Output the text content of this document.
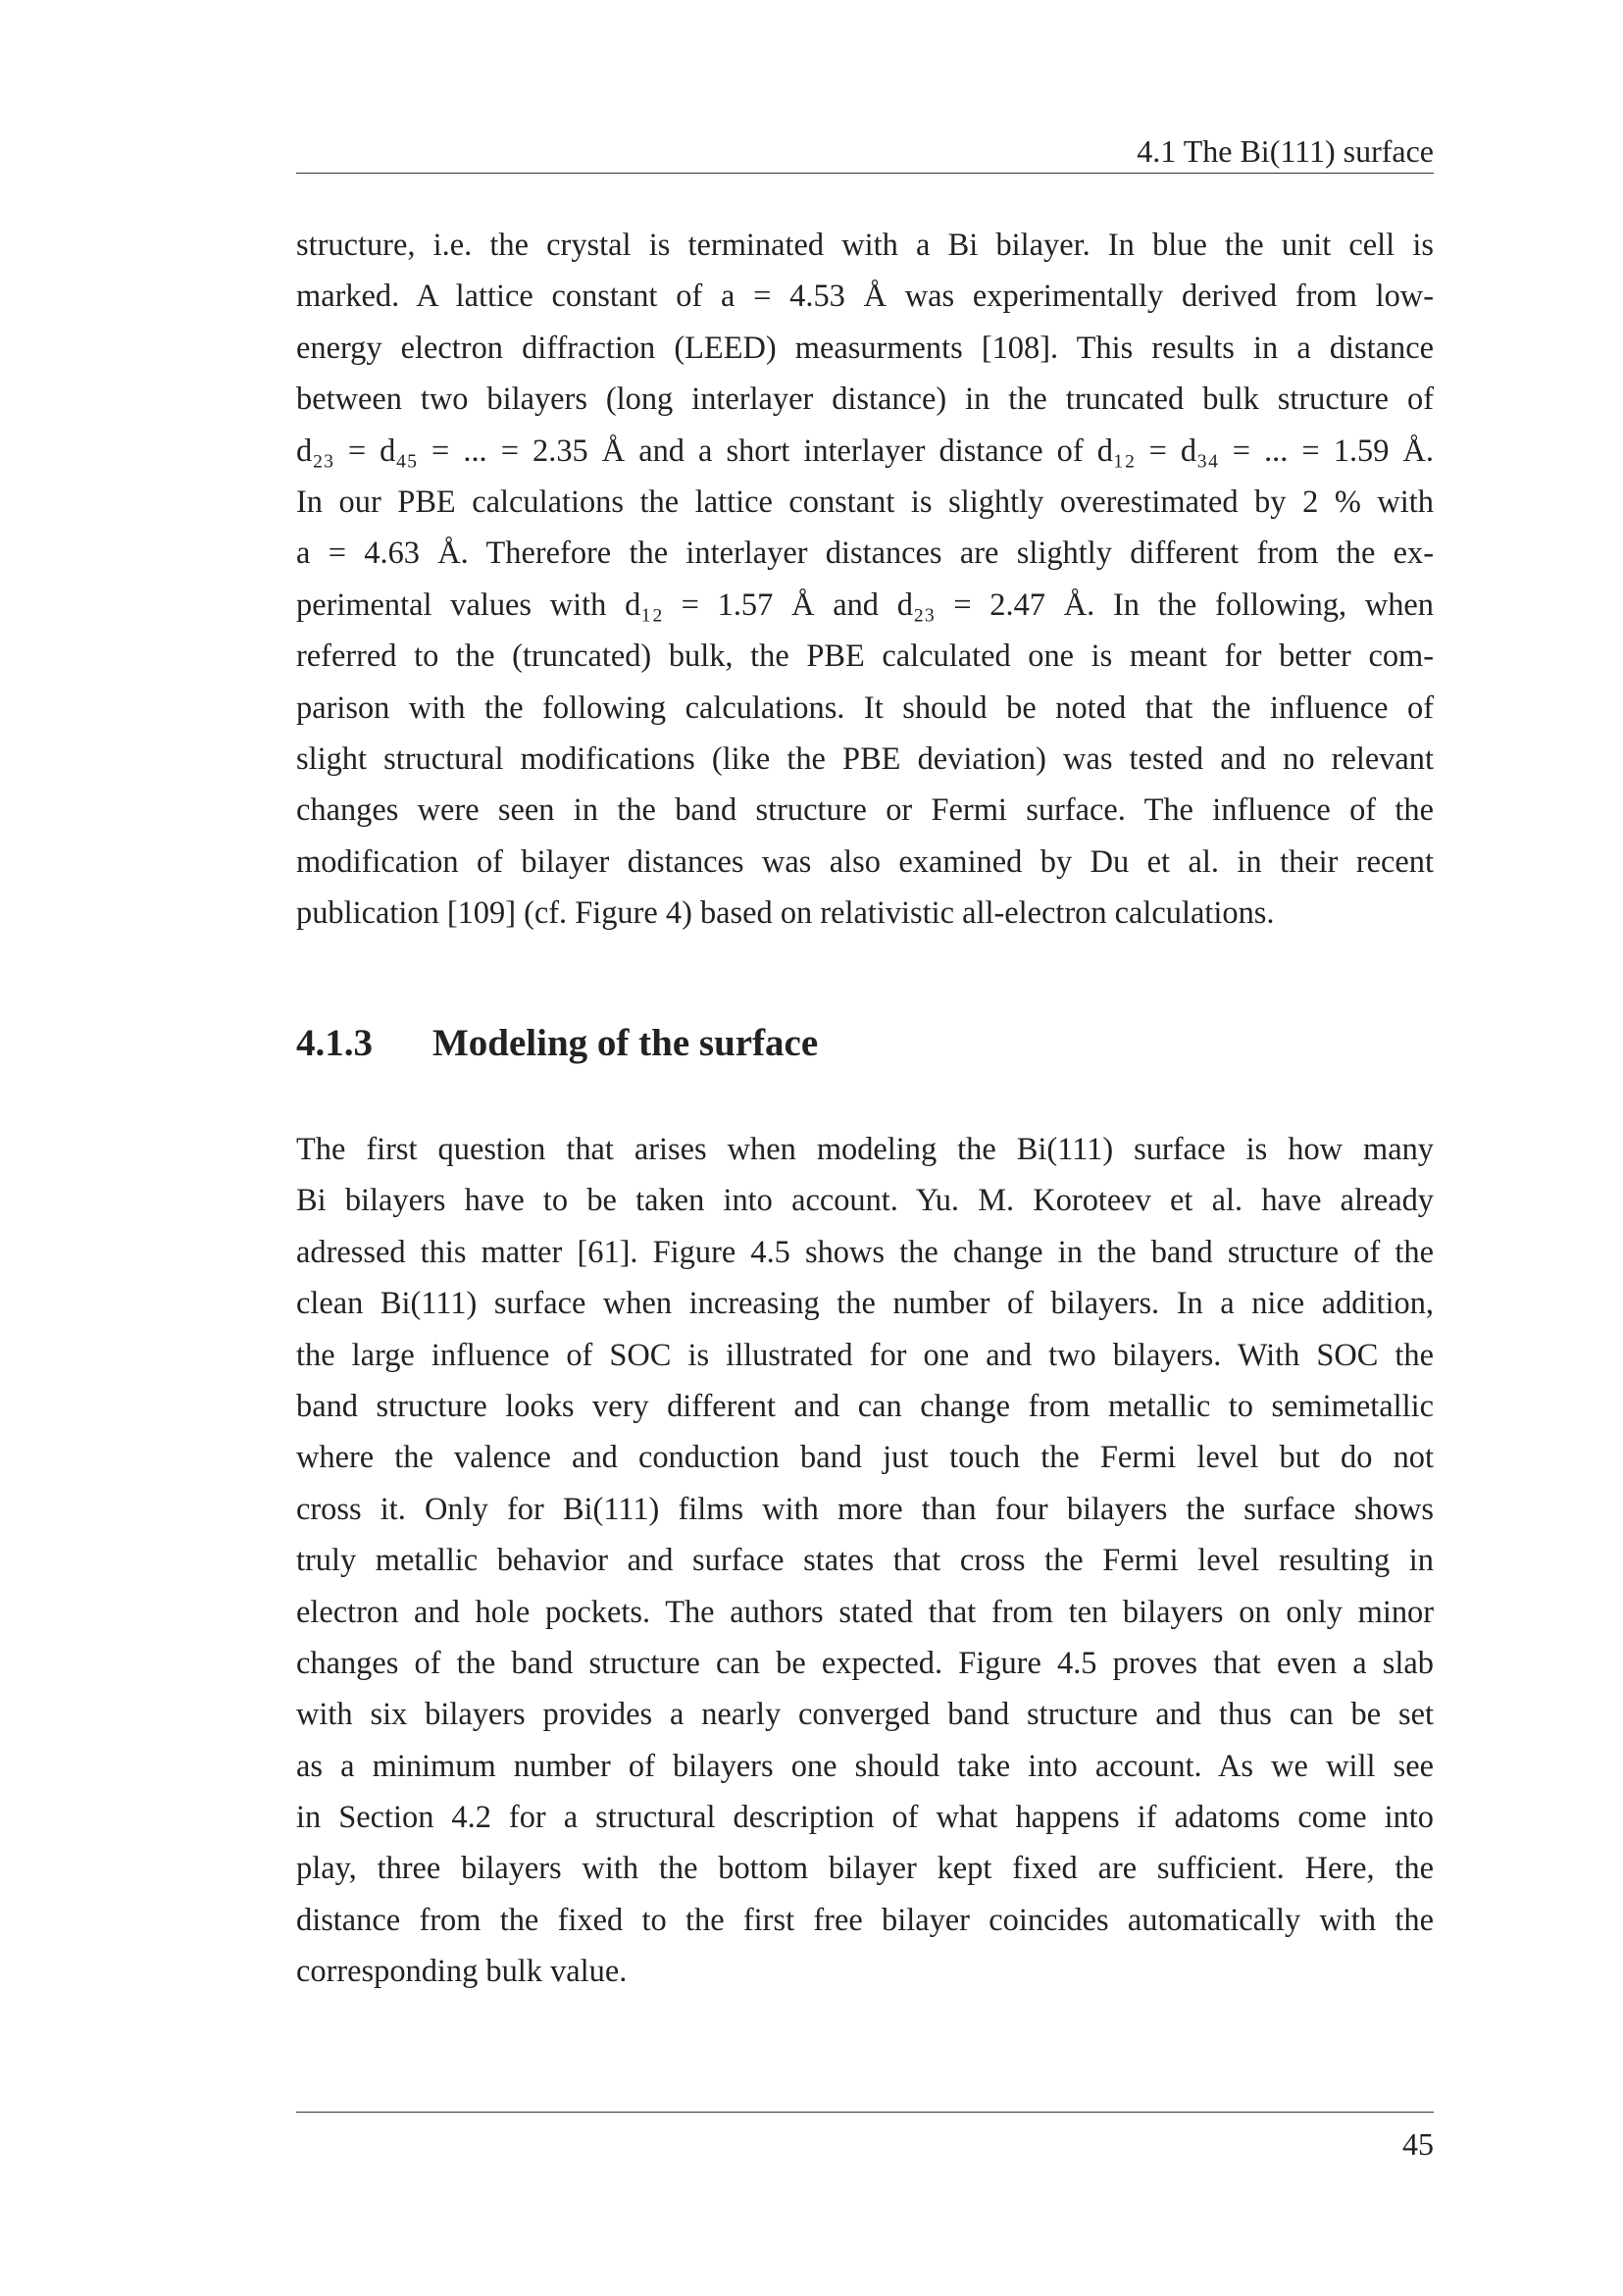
4.1 The Bi(111) surface
structure, i.e. the crystal is terminated with a Bi bilayer. In blue the unit cell is
marked. A lattice constant of a = 4.53 Å was experimentally derived from low-
energy electron diffraction (LEED) measurments [108]. This results in a distance
between two bilayers (long interlayer distance) in the truncated bulk structure of
d₂₃ = d₄₅ = ... = 2.35 Å and a short interlayer distance of d₁₂ = d₃₄ = ... = 1.59 Å.
In our PBE calculations the lattice constant is slightly overestimated by 2 % with
a = 4.63 Å. Therefore the interlayer distances are slightly different from the ex-
perimental values with d₁₂ = 1.57 Å and d₂₃ = 2.47 Å. In the following, when
referred to the (truncated) bulk, the PBE calculated one is meant for better com-
parison with the following calculations. It should be noted that the influence of
slight structural modifications (like the PBE deviation) was tested and no relevant
changes were seen in the band structure or Fermi surface. The influence of the
modification of bilayer distances was also examined by Du et al. in their recent
publication [109] (cf. Figure 4) based on relativistic all-electron calculations.
4.1.3 Modeling of the surface
The first question that arises when modeling the Bi(111) surface is how many
Bi bilayers have to be taken into account. Yu. M. Koroteev et al. have already
adressed this matter [61]. Figure 4.5 shows the change in the band structure of the
clean Bi(111) surface when increasing the number of bilayers. In a nice addition,
the large influence of SOC is illustrated for one and two bilayers. With SOC the
band structure looks very different and can change from metallic to semimetallic
where the valence and conduction band just touch the Fermi level but do not
cross it. Only for Bi(111) films with more than four bilayers the surface shows
truly metallic behavior and surface states that cross the Fermi level resulting in
electron and hole pockets. The authors stated that from ten bilayers on only minor
changes of the band structure can be expected. Figure 4.5 proves that even a slab
with six bilayers provides a nearly converged band structure and thus can be set
as a minimum number of bilayers one should take into account. As we will see
in Section 4.2 for a structural description of what happens if adatoms come into
play, three bilayers with the bottom bilayer kept fixed are sufficient. Here, the
distance from the fixed to the first free bilayer coincides automatically with the
corresponding bulk value.
45
